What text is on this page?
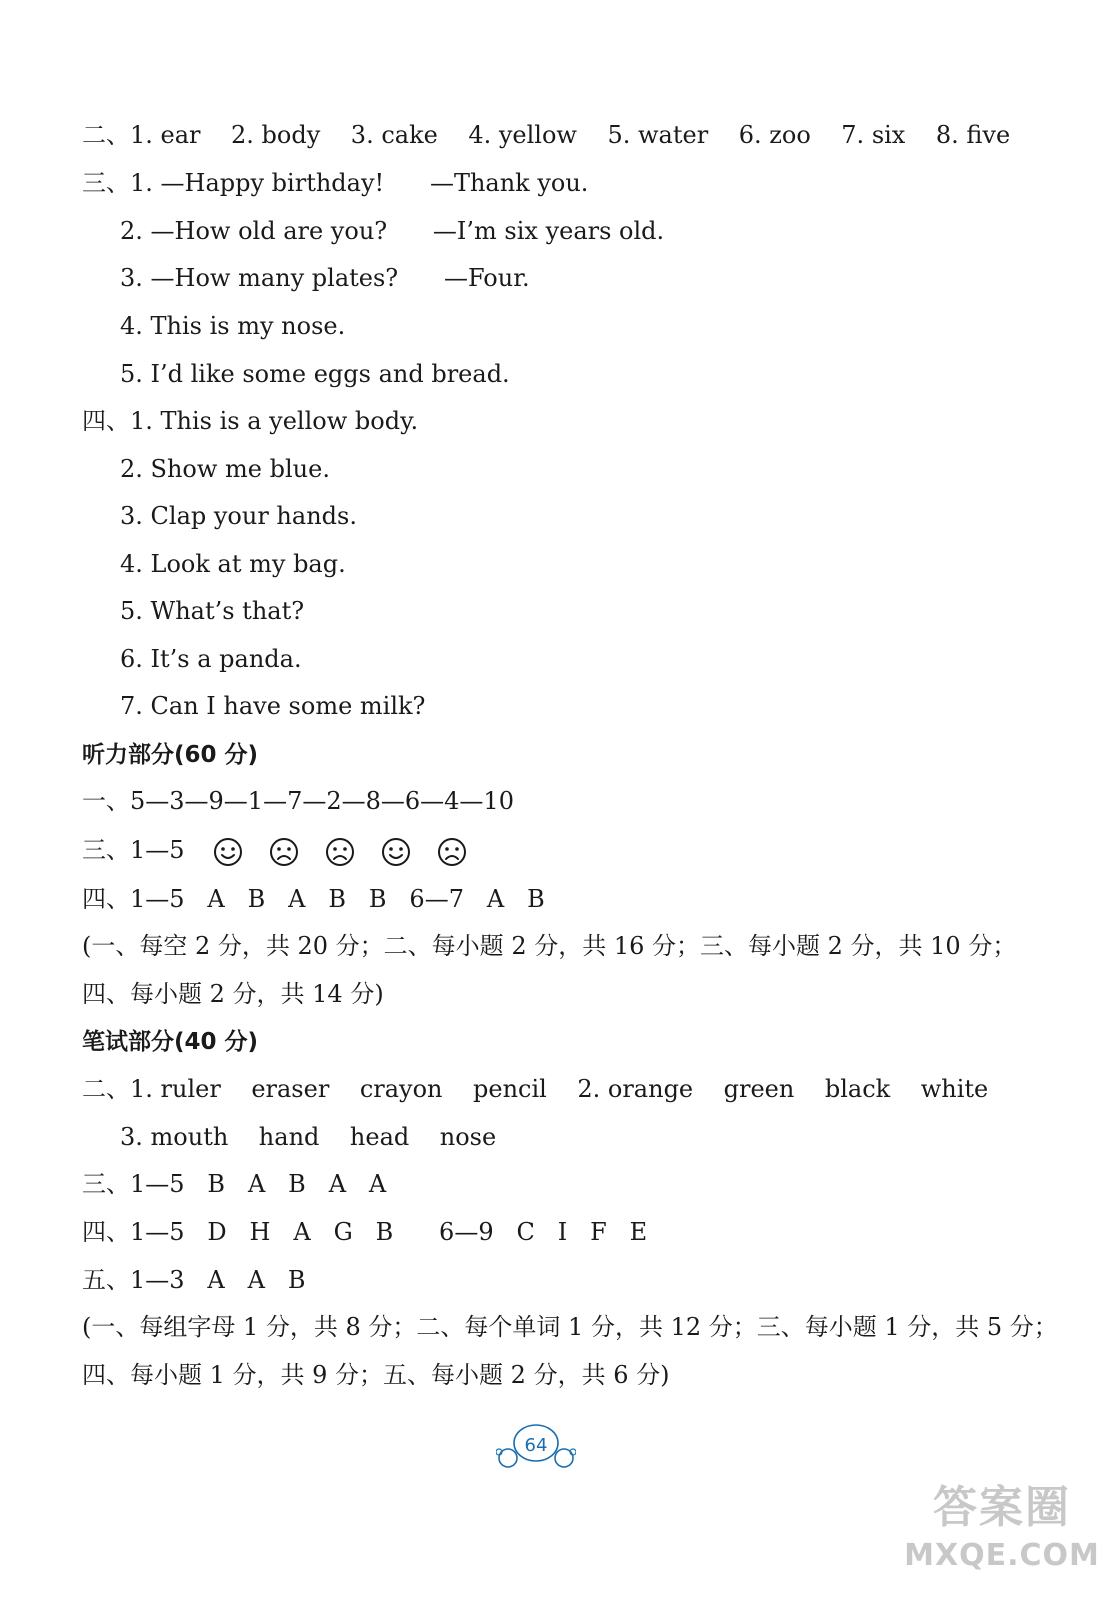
二、1. ear    2. body    3. cake    4. yellow    5. water    6. zoo    7. six    8. five
三、1. —Happy birthday!      —Thank you.
2. —How old are you?      —I’m six years old.
3. —How many plates?      —Four.
4. This is my nose.
5. I’d like some eggs and bread.
四、1. This is a yellow body.
2. Show me blue.
3. Clap your hands.
4. Look at my bag.
5. What’s that?
6. It’s a panda.
7. Can I have some milk?
听力部分(60 分)
一、5—3—9—1—7—2—8—6—4—10
三、1—5
四、1—5   A   B   A   B   B   6—7   A   B
(一、每空 2 分，共 20 分；二、每小题 2 分，共 16 分；三、每小题 2 分，共 10 分；
四、每小题 2 分，共 14 分)
笔试部分(40 分)
二、1. ruler    eraser    crayon    pencil    2. orange    green    black    white
3. mouth    hand    head    nose
三、1—5   B   A   B   A   A
四、1—5   D   H   A   G   B      6—9   C   I   F   E
五、1—3   A   A   B
(一、每组字母 1 分，共 8 分；二、每个单词 1 分，共 12 分；三、每小题 1 分，共 5 分；
四、每小题 1 分，共 9 分；五、每小题 2 分，共 6 分)
64
答案圈
MXQE.COM
